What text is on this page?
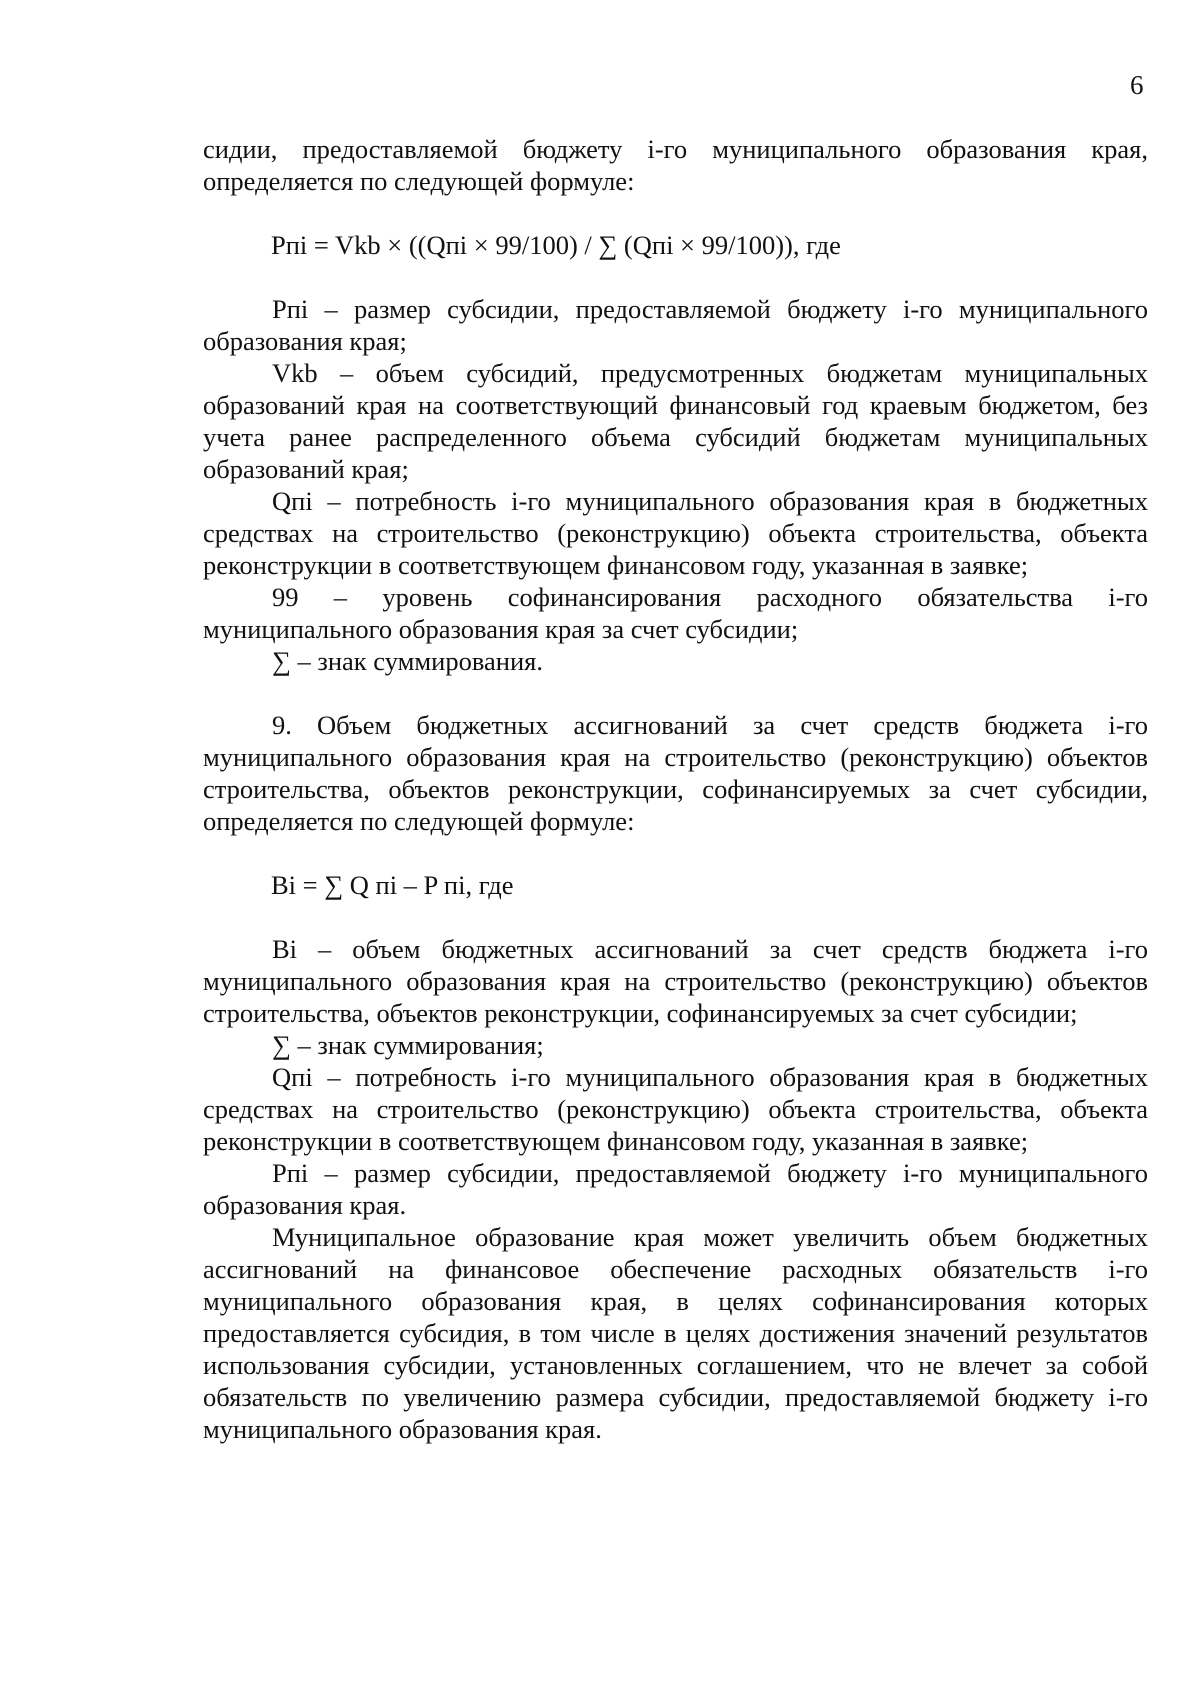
6

сидии, предоставляемой бюджету i-го муниципального образования края, определяется по следующей формуле:

Pпi = Vkb × ((Qпi × 99/100) / ∑ (Qпi × 99/100)), где

Pпi – размер субсидии, предоставляемой бюджету i-го муниципального образования края;

Vkb – объем субсидий, предусмотренных бюджетам муниципальных образований края на соответствующий финансовый год краевым бюджетом, без учета ранее распределенного объема субсидий бюджетам муниципальных образований края;

Qпi – потребность i-го муниципального образования края в бюджетных средствах на строительство (реконструкцию) объекта строительства, объекта реконструкции в соответствующем финансовом году, указанная в заявке;

99 – уровень софинансирования расходного обязательства i-го муниципального образования края за счет субсидии;

∑ – знак суммирования.

9. Объем бюджетных ассигнований за счет средств бюджета i-го муниципального образования края на строительство (реконструкцию) объектов строительства, объектов реконструкции, софинансируемых за счет субсидии, определяется по следующей формуле:

Bi = ∑ Q пi – P пi, где

Bi – объем бюджетных ассигнований за счет средств бюджета i-го муниципального образования края на строительство (реконструкцию) объектов строительства, объектов реконструкции, софинансируемых за счет субсидии;

∑ – знак суммирования;

Qпi – потребность i-го муниципального образования края в бюджетных средствах на строительство (реконструкцию) объекта строительства, объекта реконструкции в соответствующем финансовом году, указанная в заявке;

Pпi – размер субсидии, предоставляемой бюджету i-го муниципального образования края.

Муниципальное образование края может увеличить объем бюджетных ассигнований на финансовое обеспечение расходных обязательств i-го муниципального образования края, в целях софинансирования которых предоставляется субсидия, в том числе в целях достижения значений результатов использования субсидии, установленных соглашением, что не влечет за собой обязательств по увеличению размера субсидии, предоставляемой бюджету i-го муниципального образования края.
